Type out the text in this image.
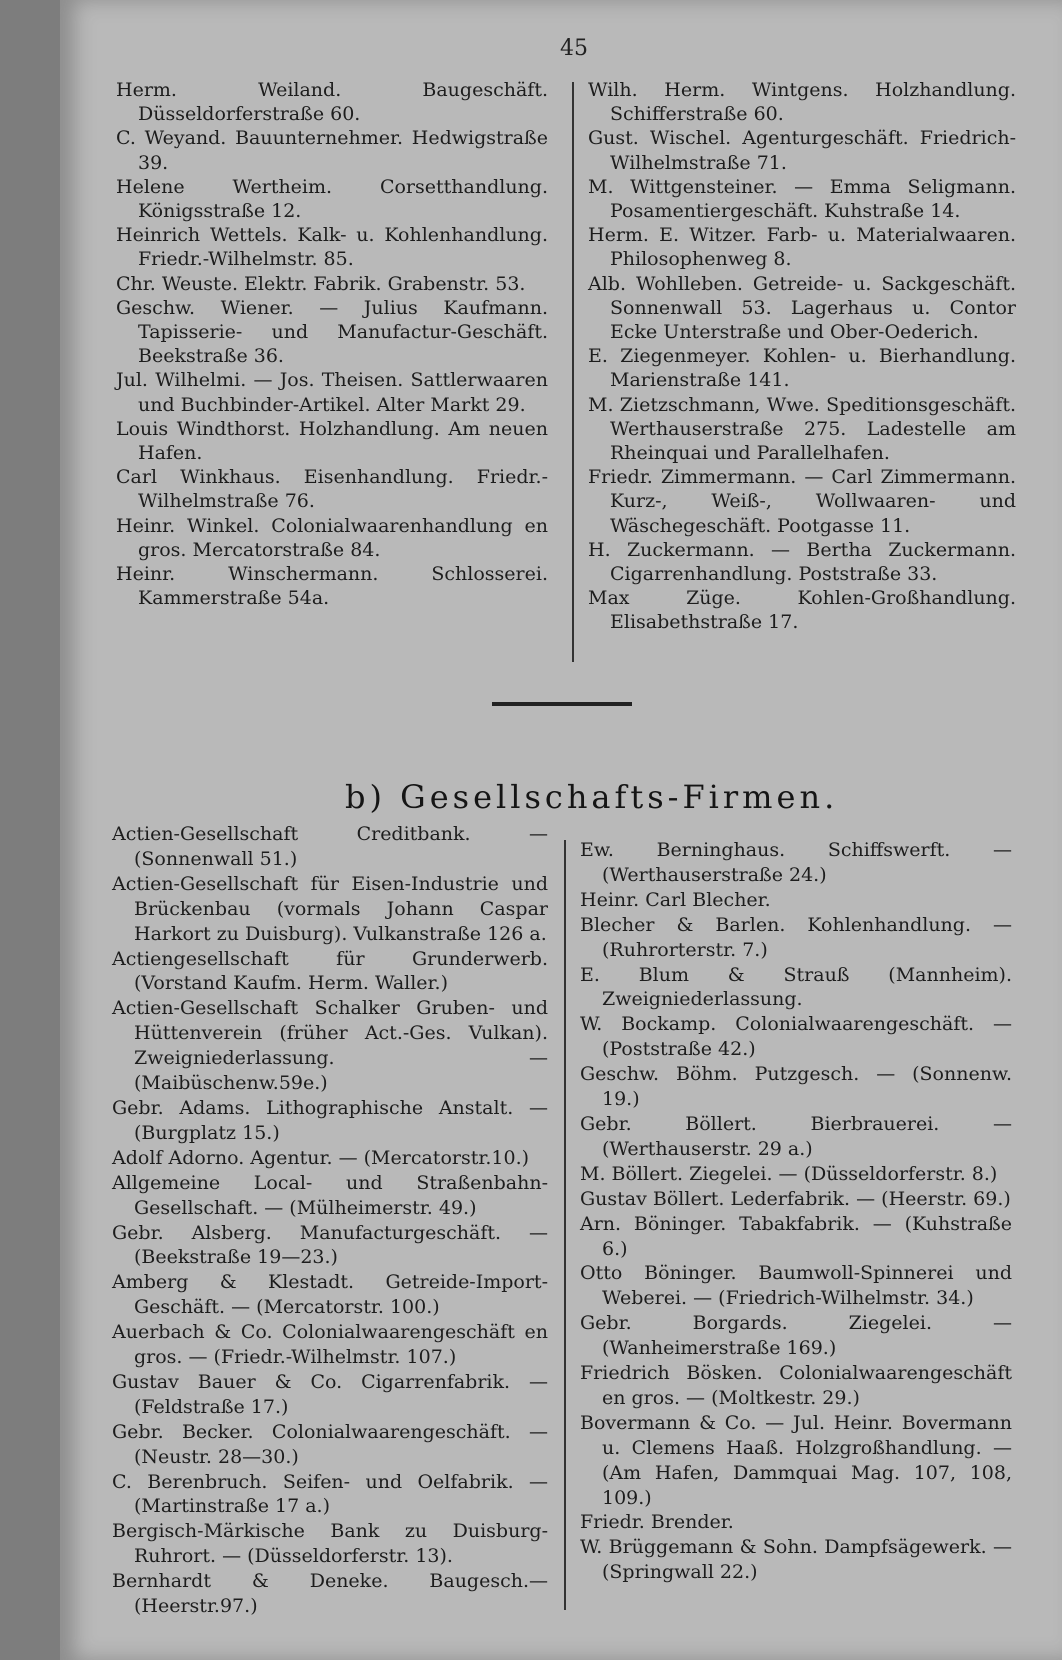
45
Herm. Weiland. Baugeschäft. Düsseldorferstraße 60.
C. Weyand. Bauunternehmer. Hedwigstraße 39.
Helene Wertheim. Corsetthandlung. Königsstraße 12.
Heinrich Wettels. Kalk- u. Kohlenhandlung. Friedr.-Wilhelmstr. 85.
Chr. Weuste. Elektr. Fabrik. Grabenstr. 53.
Geschw. Wiener. — Julius Kaufmann. Tapisserie- und Manufactur-Geschäft. Beekstraße 36.
Jul. Wilhelmi. — Jos. Theisen. Sattlerwaaren und Buchbinder-Artikel. Alter Markt 29.
Louis Windthorst. Holzhandlung. Am neuen Hafen.
Carl Winkhaus. Eisenhandlung. Friedr.-Wilhelmstraße 76.
Heinr. Winkel. Colonialwaarenhandlung en gros. Mercatorstraße 84.
Heinr. Winschermann. Schlosserei. Kammerstraße 54a.
Wilh. Herm. Wintgens. Holzhandlung. Schifferstraße 60.
Gust. Wischel. Agenturgeschäft. Friedrich-Wilhelmstraße 71.
M. Wittgensteiner. — Emma Seligmann. Posamentiergeschäft. Kuhstraße 14.
Herm. E. Witzer. Farb- u. Materialwaaren. Philosophenweg 8.
Alb. Wohlleben. Getreide- u. Sackgeschäft. Sonnenwall 53. Lagerhaus u. Contor Ecke Unterstraße und Ober-Oederich.
E. Ziegenmeyer. Kohlen- u. Bierhandlung. Marienstraße 141.
M. Zietzschmann, Wwe. Speditionsgeschäft. Werthauserstraße 275. Ladestelle am Rheinquai und Parallelhafen.
Friedr. Zimmermann. — Carl Zimmermann. Kurz-, Weiß-, Wollwaaren- und Wäschegeschäft. Pootgasse 11.
H. Zuckermann. — Bertha Zuckermann. Cigarrenhandlung. Poststraße 33.
Max Züge. Kohlen-Großhandlung. Elisabethstraße 17.
b) Gesellschafts-Firmen.
Actien-Gesellschaft Creditbank. — (Sonnenwall 51.)
Actien-Gesellschaft für Eisen-Industrie und Brückenbau (vormals Johann Caspar Harkort zu Duisburg). Vulkanstraße 126 a.
Actiengesellschaft für Grunderwerb. (Vorstand Kaufm. Herm. Waller.)
Actien-Gesellschaft Schalker Gruben- und Hüttenverein (früher Act.-Ges. Vulkan). Zweigniederlassung. — (Maibüschenw.59e.)
Gebr. Adams. Lithographische Anstalt. — (Burgplatz 15.)
Adolf Adorno. Agentur. — (Mercatorstr.10.)
Allgemeine Local- und Straßenbahn-Gesellschaft. — (Mülheimerstr. 49.)
Gebr. Alsberg. Manufacturgeschäft. — (Beekstraße 19—23.)
Amberg & Klestadt. Getreide-Import-Geschäft. — (Mercatorstr. 100.)
Auerbach & Co. Colonialwaarengeschäft en gros. — (Friedr.-Wilhelmstr. 107.)
Gustav Bauer & Co. Cigarrenfabrik. — (Feldstraße 17.)
Gebr. Becker. Colonialwaarengeschäft. — (Neustr. 28—30.)
C. Berenbruch. Seifen- und Oelfabrik. — (Martinstraße 17 a.)
Bergisch-Märkische Bank zu Duisburg-Ruhrort. — (Düsseldorferstr. 13).
Bernhardt & Deneke. Baugesch.—(Heerstr.97.)
Ew. Berninghaus. Schiffswerft. — (Werthauserstraße 24.)
Heinr. Carl Blecher.
Blecher & Barlen. Kohlenhandlung. — (Ruhrorterstr. 7.)
E. Blum & Strauß (Mannheim). Zweigniederlassung.
W. Bockamp. Colonialwaarengeschäft. — (Poststraße 42.)
Geschw. Böhm. Putzgesch. — (Sonnenw. 19.)
Gebr. Böllert. Bierbrauerei. — (Werthauserstr. 29 a.)
M. Böllert. Ziegelei. — (Düsseldorferstr. 8.)
Gustav Böllert. Lederfabrik. — (Heerstr. 69.)
Arn. Böninger. Tabakfabrik. — (Kuhstraße 6.)
Otto Böninger. Baumwoll-Spinnerei und Weberei. — (Friedrich-Wilhelmstr. 34.)
Gebr. Borgards. Ziegelei. — (Wanheimerstraße 169.)
Friedrich Bösken. Colonialwaarengeschäft en gros. — (Moltkestr. 29.)
Bovermann & Co. — Jul. Heinr. Bovermann u. Clemens Haaß. Holzgroßhandlung. — (Am Hafen, Dammquai Mag. 107, 108, 109.)
Friedr. Brender.
W. Brüggemann & Sohn. Dampfsägewerk. — (Springwall 22.)
